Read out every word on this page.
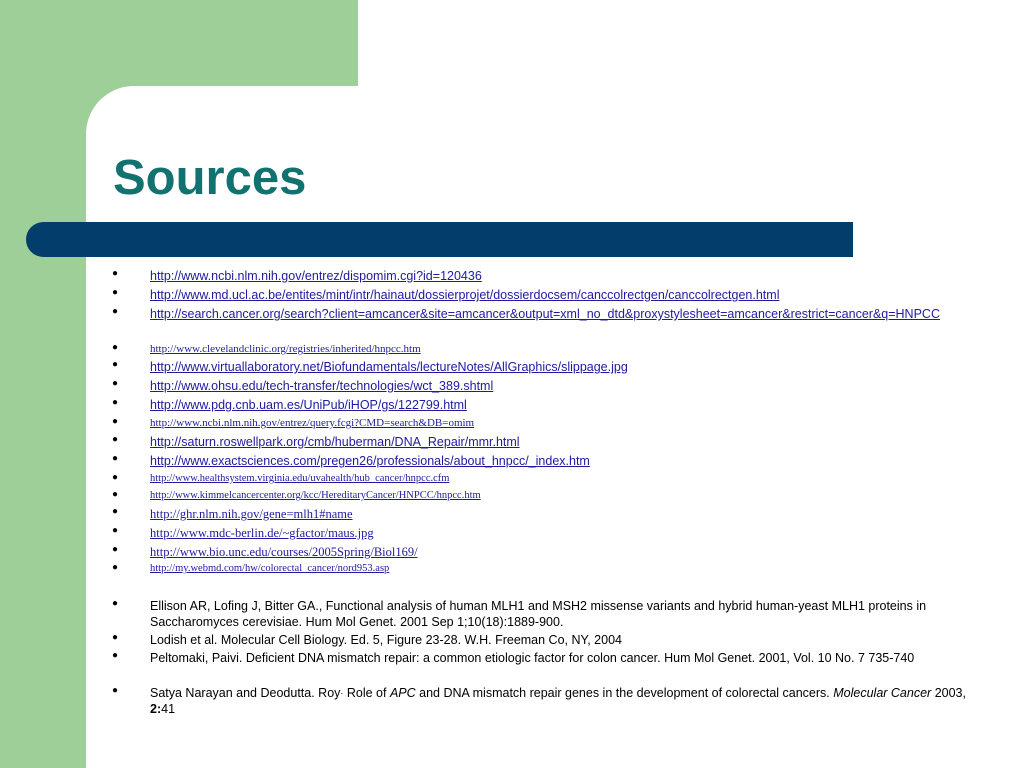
Sources
●	http://www.ncbi.nlm.nih.gov/entrez/dispomim.cgi?id=120436
●	http://www.md.ucl.ac.be/entites/mint/intr/hainaut/dossierprojet/dossierdocsem/canccolrectgen/canccolrectgen.html
●	http://search.cancer.org/search?client=amcancer&site=amcancer&output=xml_no_dtd&proxystylesheet=amcancer&restrict=cancer&q=HNPCC
●	http://www.clevelandclinic.org/registries/inherited/hnpcc.htm
●	http://www.virtuallaboratory.net/Biofundamentals/lectureNotes/AllGraphics/slippage.jpg
●	http://www.ohsu.edu/tech-transfer/technologies/wct_389.shtml
●	http://www.pdg.cnb.uam.es/UniPub/iHOP/gs/122799.html
●	http://www.ncbi.nlm.nih.gov/entrez/query.fcgi?CMD=search&DB=omim
●	http://saturn.roswellpark.org/cmb/huberman/DNA_Repair/mmr.html
●	http://www.exactsciences.com/pregen26/professionals/about_hnpcc/_index.htm
●	http://www.healthsystem.virginia.edu/uvahealth/hub_cancer/hnpcc.cfm
●	http://www.kimmelcancercenter.org/kcc/HereditaryCancer/HNPCC/hnpcc.htm
●	http://ghr.nlm.nih.gov/gene=mlh1#name
●	http://www.mdc-berlin.de/~gfactor/maus.jpg
●	http://www.bio.unc.edu/courses/2005Spring/Biol169/
●	http://my.webmd.com/hw/colorectal_cancer/nord953.asp
●	Ellison AR, Lofing J, Bitter GA., Functional analysis of human MLH1 and MSH2 missense variants and hybrid human-yeast MLH1 proteins in Saccharomyces cerevisiae. Hum Mol Genet. 2001 Sep 1;10(18):1889-900.
●	Lodish et al. Molecular Cell Biology. Ed. 5, Figure 23-28. W.H. Freeman Co, NY, 2004
●	Peltomaki, Paivi. Deficient DNA mismatch repair: a common etiologic factor for colon cancer. Hum Mol Genet. 2001, Vol. 10 No. 7 735-740
●	Satya Narayan and Deodutta. Roy· Role of APC and DNA mismatch repair genes in the development of colorectal cancers. Molecular Cancer 2003, 2:41
